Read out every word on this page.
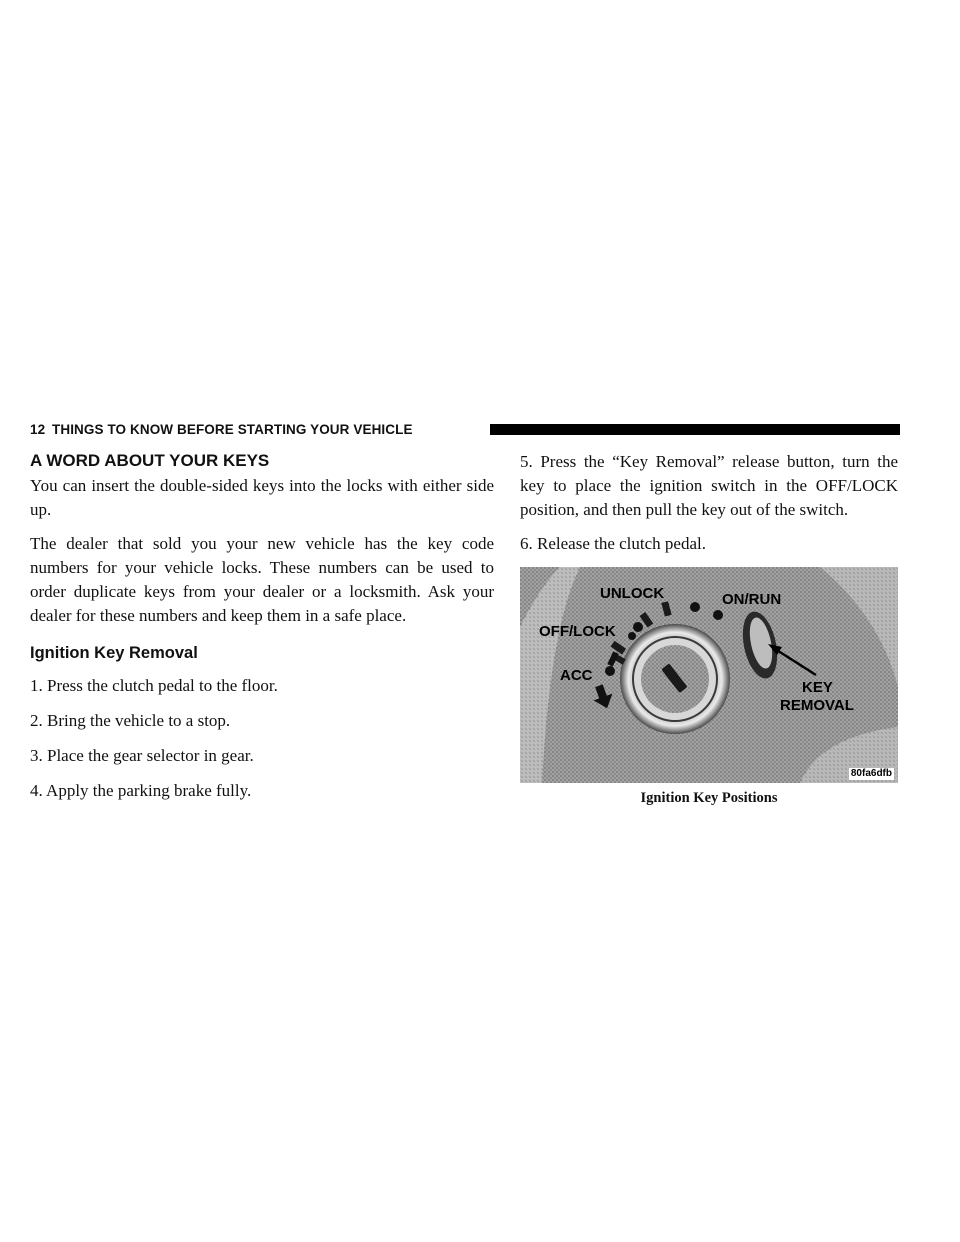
12 THINGS TO KNOW BEFORE STARTING YOUR VEHICLE
A WORD ABOUT YOUR KEYS

You can insert the double-sided keys into the locks with either side up.

The dealer that sold you your new vehicle has the key code numbers for your vehicle locks. These numbers can be used to order duplicate keys from your dealer or a locksmith. Ask your dealer for these numbers and keep them in a safe place.

Ignition Key Removal

1. Press the clutch pedal to the floor.

2. Bring the vehicle to a stop.

3. Place the gear selector in gear.

4. Apply the parking brake fully.

5. Press the “Key Removal” release button, turn the key to place the ignition switch in the OFF/LOCK position, and then pull the key out of the switch.

6. Release the clutch pedal.

UNLOCK	ON/RUN
OFF/LOCK
ACC
KEY
REMOVAL
80fa6dfb
Ignition Key Positions
